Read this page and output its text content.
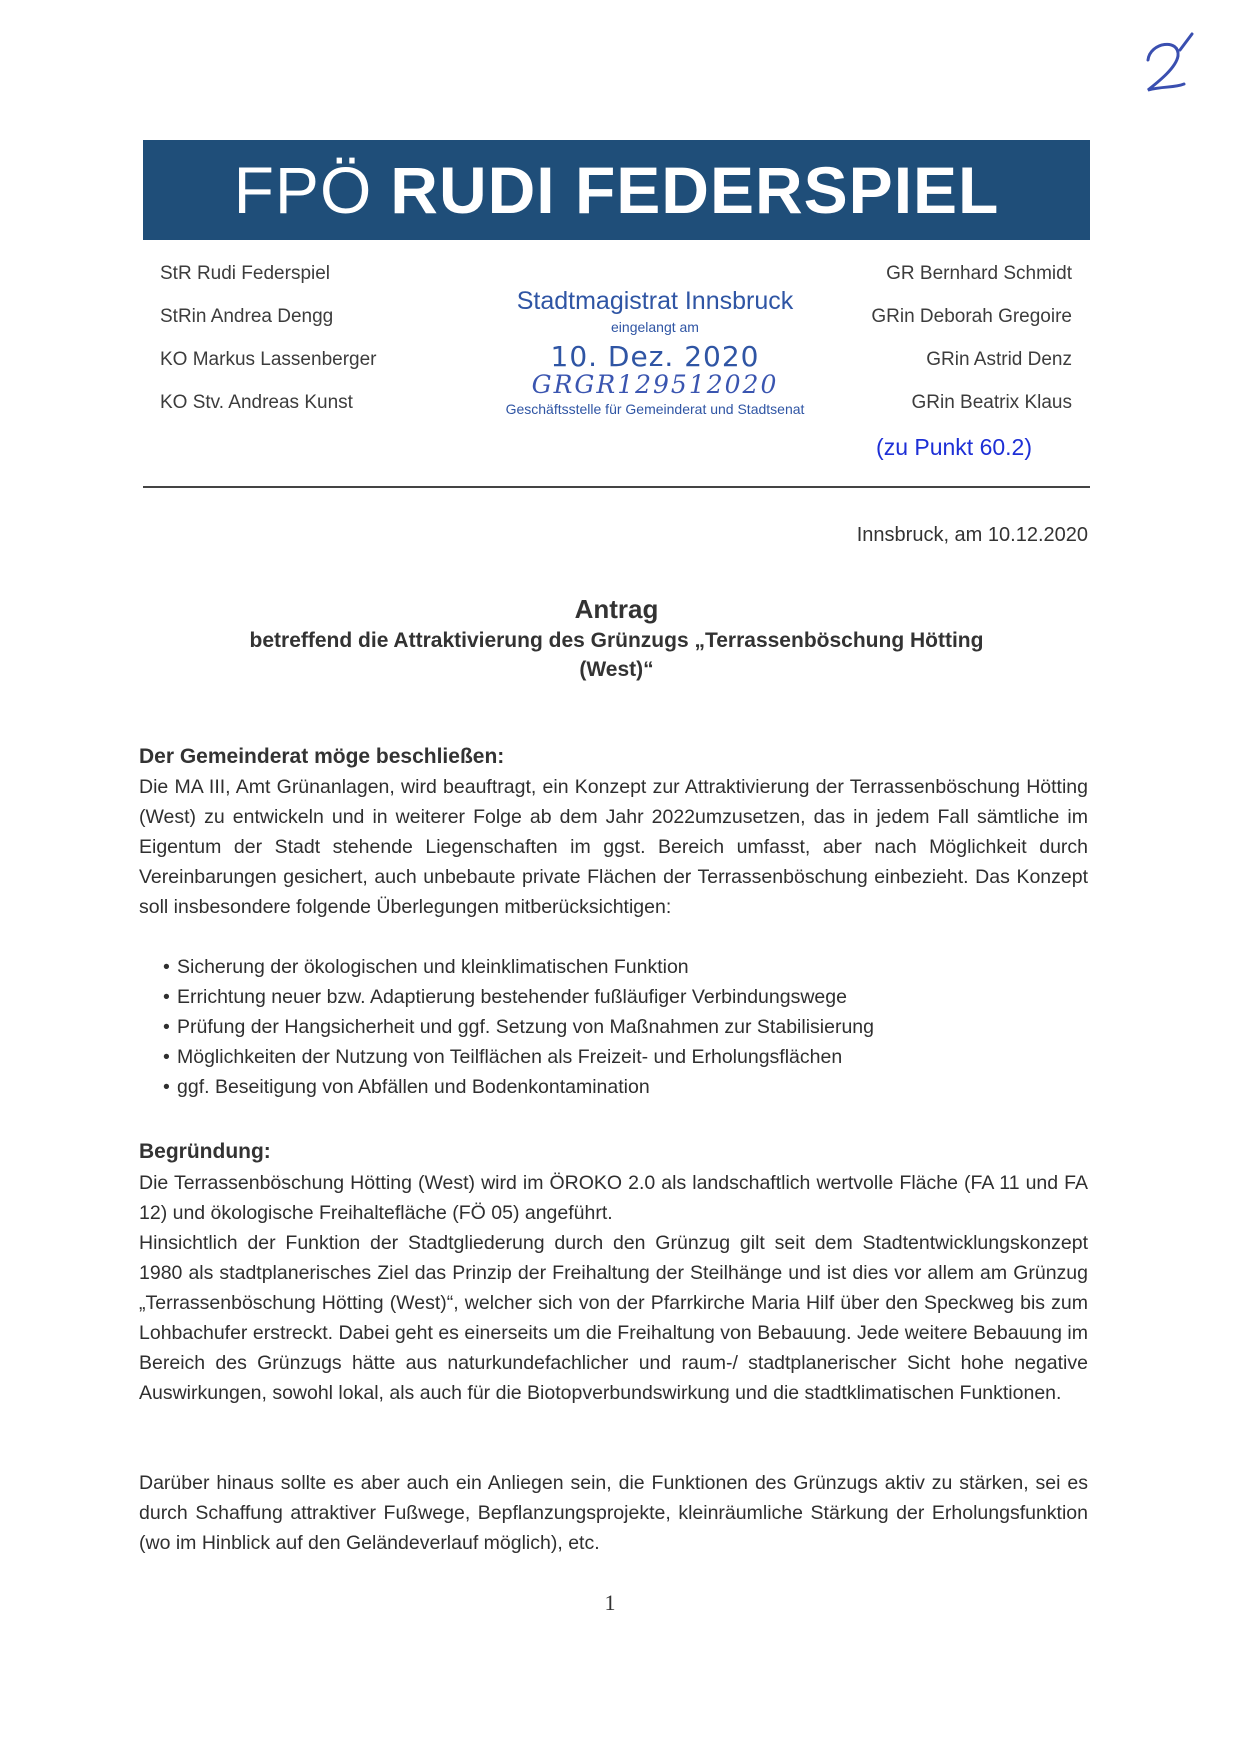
FPÖ RUDI FEDERSPIEL
StR Rudi Federspiel
StRin Andrea Dengg
KO Markus Lassenberger
KO Stv. Andreas Kunst
GR Bernhard Schmidt
GRin Deborah Gregoire
GRin Astrid Denz
GRin Beatrix Klaus
Stadtmagistrat Innsbruck
eingelangt am
10. Dez. 2020
GRGR129512020
Geschäftsstelle für Gemeinderat und Stadtsenat
(zu Punkt 60.2)
Innsbruck, am 10.12.2020
Antrag
betreffend die Attraktivierung des Grünzugs „Terrassenböschung Hötting (West)“
Der Gemeinderat möge beschließen:
Die MA III, Amt Grünanlagen, wird beauftragt, ein Konzept zur Attraktivierung der Terrassenböschung Hötting (West) zu entwickeln und in weiterer Folge ab dem Jahr 2022umzusetzen, das in jedem Fall sämtliche im Eigentum der Stadt stehende Liegenschaften im ggst. Bereich umfasst, aber nach Möglichkeit durch Vereinbarungen gesichert, auch unbebaute private Flächen der Terrassenböschung einbezieht. Das Konzept soll insbesondere folgende Überlegungen mitberücksichtigen:
• Sicherung der ökologischen und kleinklimatischen Funktion
• Errichtung neuer bzw. Adaptierung bestehender fußläufiger Verbindungswege
• Prüfung der Hangsicherheit und ggf. Setzung von Maßnahmen zur Stabilisierung
• Möglichkeiten der Nutzung von Teilflächen als Freizeit- und Erholungsflächen
• ggf. Beseitigung von Abfällen und Bodenkontamination
Begründung:
Die Terrassenböschung Hötting (West) wird im ÖROKO 2.0 als landschaftlich wertvolle Fläche (FA 11 und FA 12) und ökologische Freihaltefläche (FÖ 05) angeführt.
Hinsichtlich der Funktion der Stadtgliederung durch den Grünzug gilt seit dem Stadtentwicklungskonzept 1980 als stadtplanerisches Ziel das Prinzip der Freihaltung der Steilhänge und ist dies vor allem am Grünzug „Terrassenböschung Hötting (West)“, welcher sich von der Pfarrkirche Maria Hilf über den Speckweg bis zum Lohbachufer erstreckt. Dabei geht es einerseits um die Freihaltung von Bebauung. Jede weitere Bebauung im Bereich des Grünzugs hätte aus naturkundefachlicher und raum-/ stadtplanerischer Sicht hohe negative Auswirkungen, sowohl lokal, als auch für die Biotopverbundswirkung und die stadtklimatischen Funktionen.
Darüber hinaus sollte es aber auch ein Anliegen sein, die Funktionen des Grünzugs aktiv zu stärken, sei es durch Schaffung attraktiver Fußwege, Bepflanzungsprojekte, kleinräumliche Stärkung der Erholungsfunktion (wo im Hinblick auf den Geländeverlauf möglich), etc.
1
